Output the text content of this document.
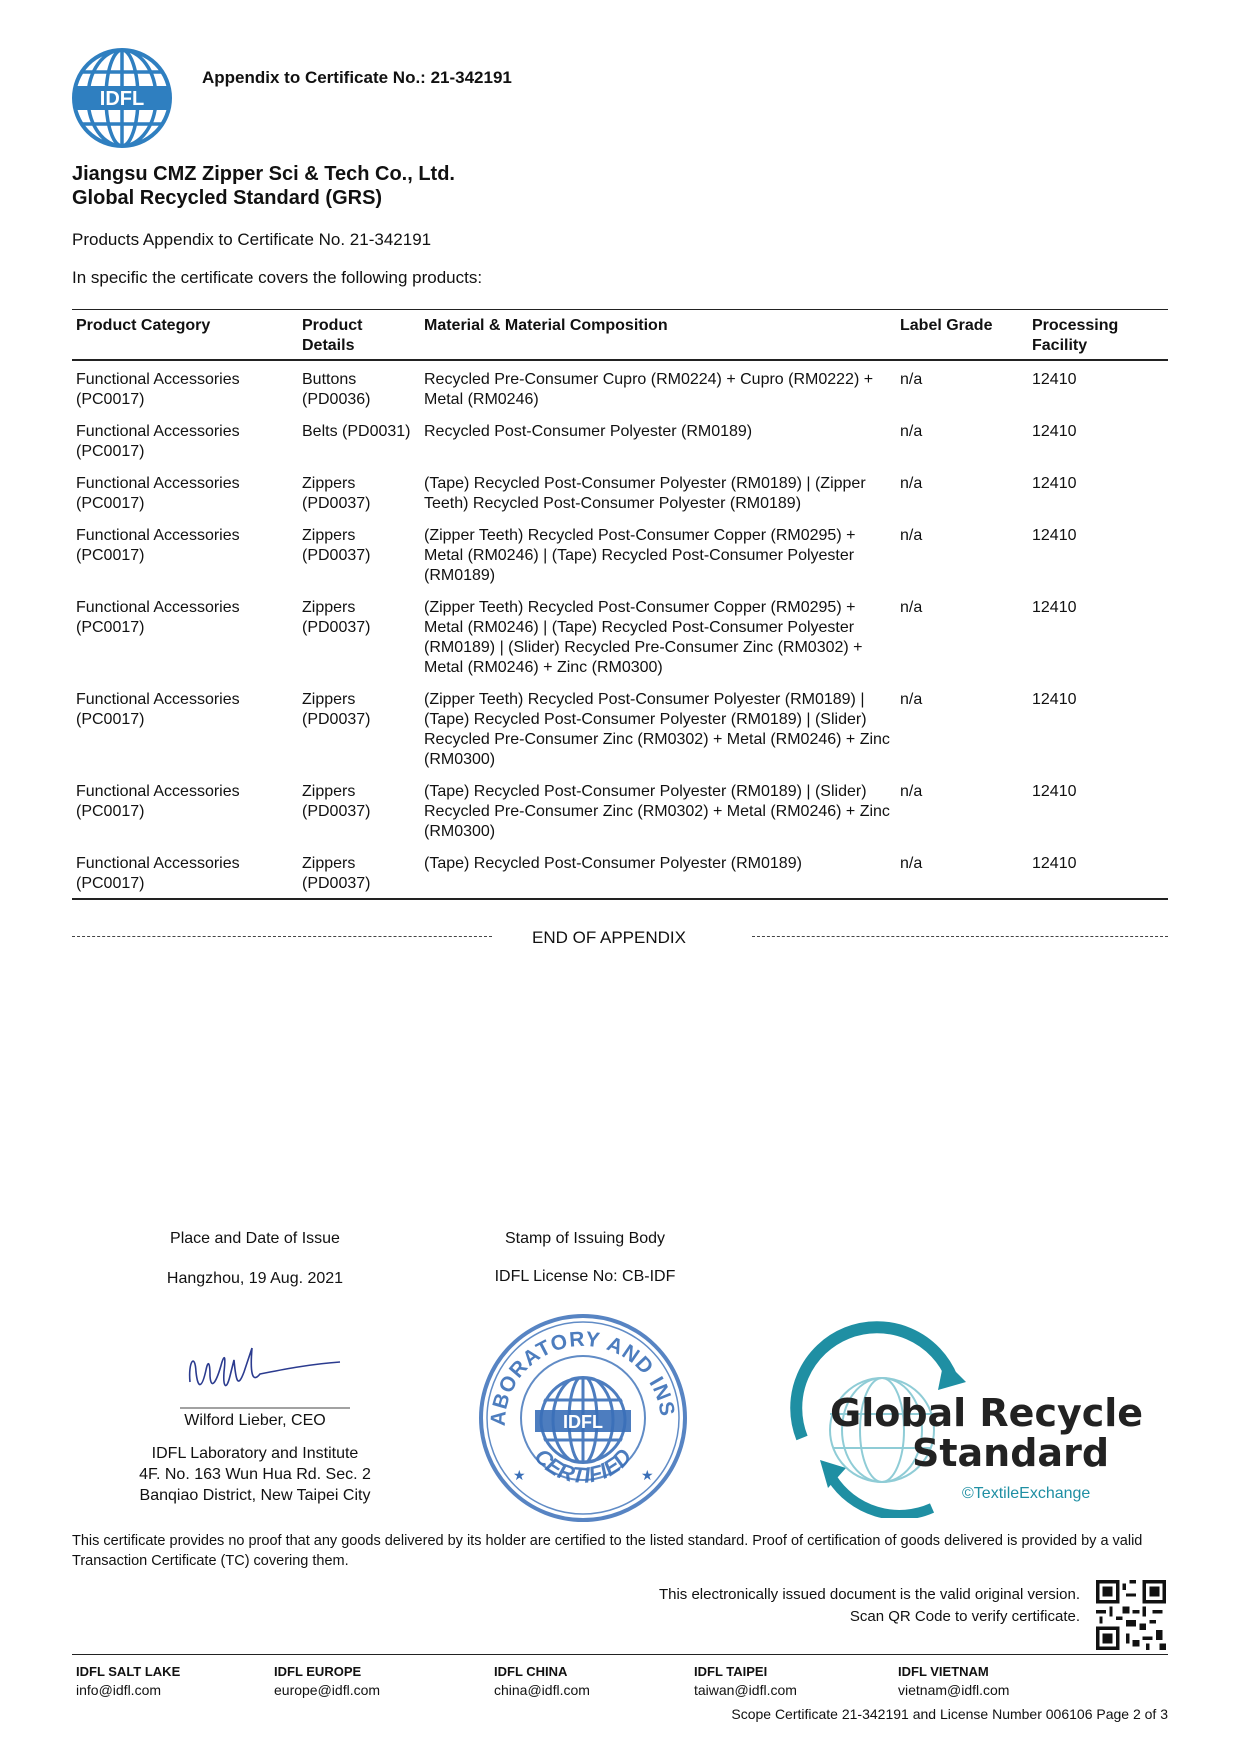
IDFL
Appendix to Certificate No.: 21-342191
Jiangsu CMZ Zipper Sci & Tech Co., Ltd.
Global Recycled Standard (GRS)
Products Appendix to Certificate No. 21-342191
In specific the certificate covers the following products:
Product Category	Product Details	Material & Material Composition	Label Grade	Processing Facility
Functional Accessories (PC0017)	Buttons (PD0036)	Recycled Pre-Consumer Cupro (RM0224) + Cupro (RM0222) + Metal (RM0246)	n/a	12410
Functional Accessories (PC0017)	Belts (PD0031)	Recycled Post-Consumer Polyester (RM0189)	n/a	12410
Functional Accessories (PC0017)	Zippers (PD0037)	(Tape) Recycled Post-Consumer Polyester (RM0189) | (Zipper Teeth) Recycled Post-Consumer Polyester (RM0189)	n/a	12410
Functional Accessories (PC0017)	Zippers (PD0037)	(Zipper Teeth) Recycled Post-Consumer Copper (RM0295) + Metal (RM0246) | (Tape) Recycled Post-Consumer Polyester (RM0189)	n/a	12410
Functional Accessories (PC0017)	Zippers (PD0037)	(Zipper Teeth) Recycled Post-Consumer Copper (RM0295) + Metal (RM0246) | (Tape) Recycled Post-Consumer Polyester (RM0189) | (Slider) Recycled Pre-Consumer Zinc (RM0302) + Metal (RM0246) + Zinc (RM0300)	n/a	12410
Functional Accessories (PC0017)	Zippers (PD0037)	(Zipper Teeth) Recycled Post-Consumer Polyester (RM0189) | (Tape) Recycled Post-Consumer Polyester (RM0189) | (Slider) Recycled Pre-Consumer Zinc (RM0302) + Metal (RM0246) + Zinc (RM0300)	n/a	12410
Functional Accessories (PC0017)	Zippers (PD0037)	(Tape) Recycled Post-Consumer Polyester (RM0189) | (Slider) Recycled Pre-Consumer Zinc (RM0302) + Metal (RM0246) + Zinc (RM0300)	n/a	12410
Functional Accessories (PC0017)	Zippers (PD0037)	(Tape) Recycled Post-Consumer Polyester (RM0189)	n/a	12410
END OF APPENDIX
Place and Date of Issue
Hangzhou, 19 Aug. 2021
Wilford Lieber, CEO
IDFL Laboratory and Institute
4F. No. 163 Wun Hua Rd. Sec. 2
Banqiao District, New Taipei City
Stamp of Issuing Body
IDFL License No: CB-IDF
ABORATORY AND INS
IDFL
★	★
CERTIFIED
Global Recycled
Standard
©TextileExchange
This certificate provides no proof that any goods delivered by its holder are certified to the listed standard. Proof of certification of goods delivered is provided by a valid Transaction Certificate (TC) covering them.
This electronically issued document is the valid original version.
Scan QR Code to verify certificate.
IDFL SALT LAKE
info@idfl.com
IDFL EUROPE
europe@idfl.com
IDFL CHINA
china@idfl.com
IDFL TAIPEI
taiwan@idfl.com
IDFL VIETNAM
vietnam@idfl.com
Scope Certificate 21-342191 and License Number 006106 Page 2 of 3
